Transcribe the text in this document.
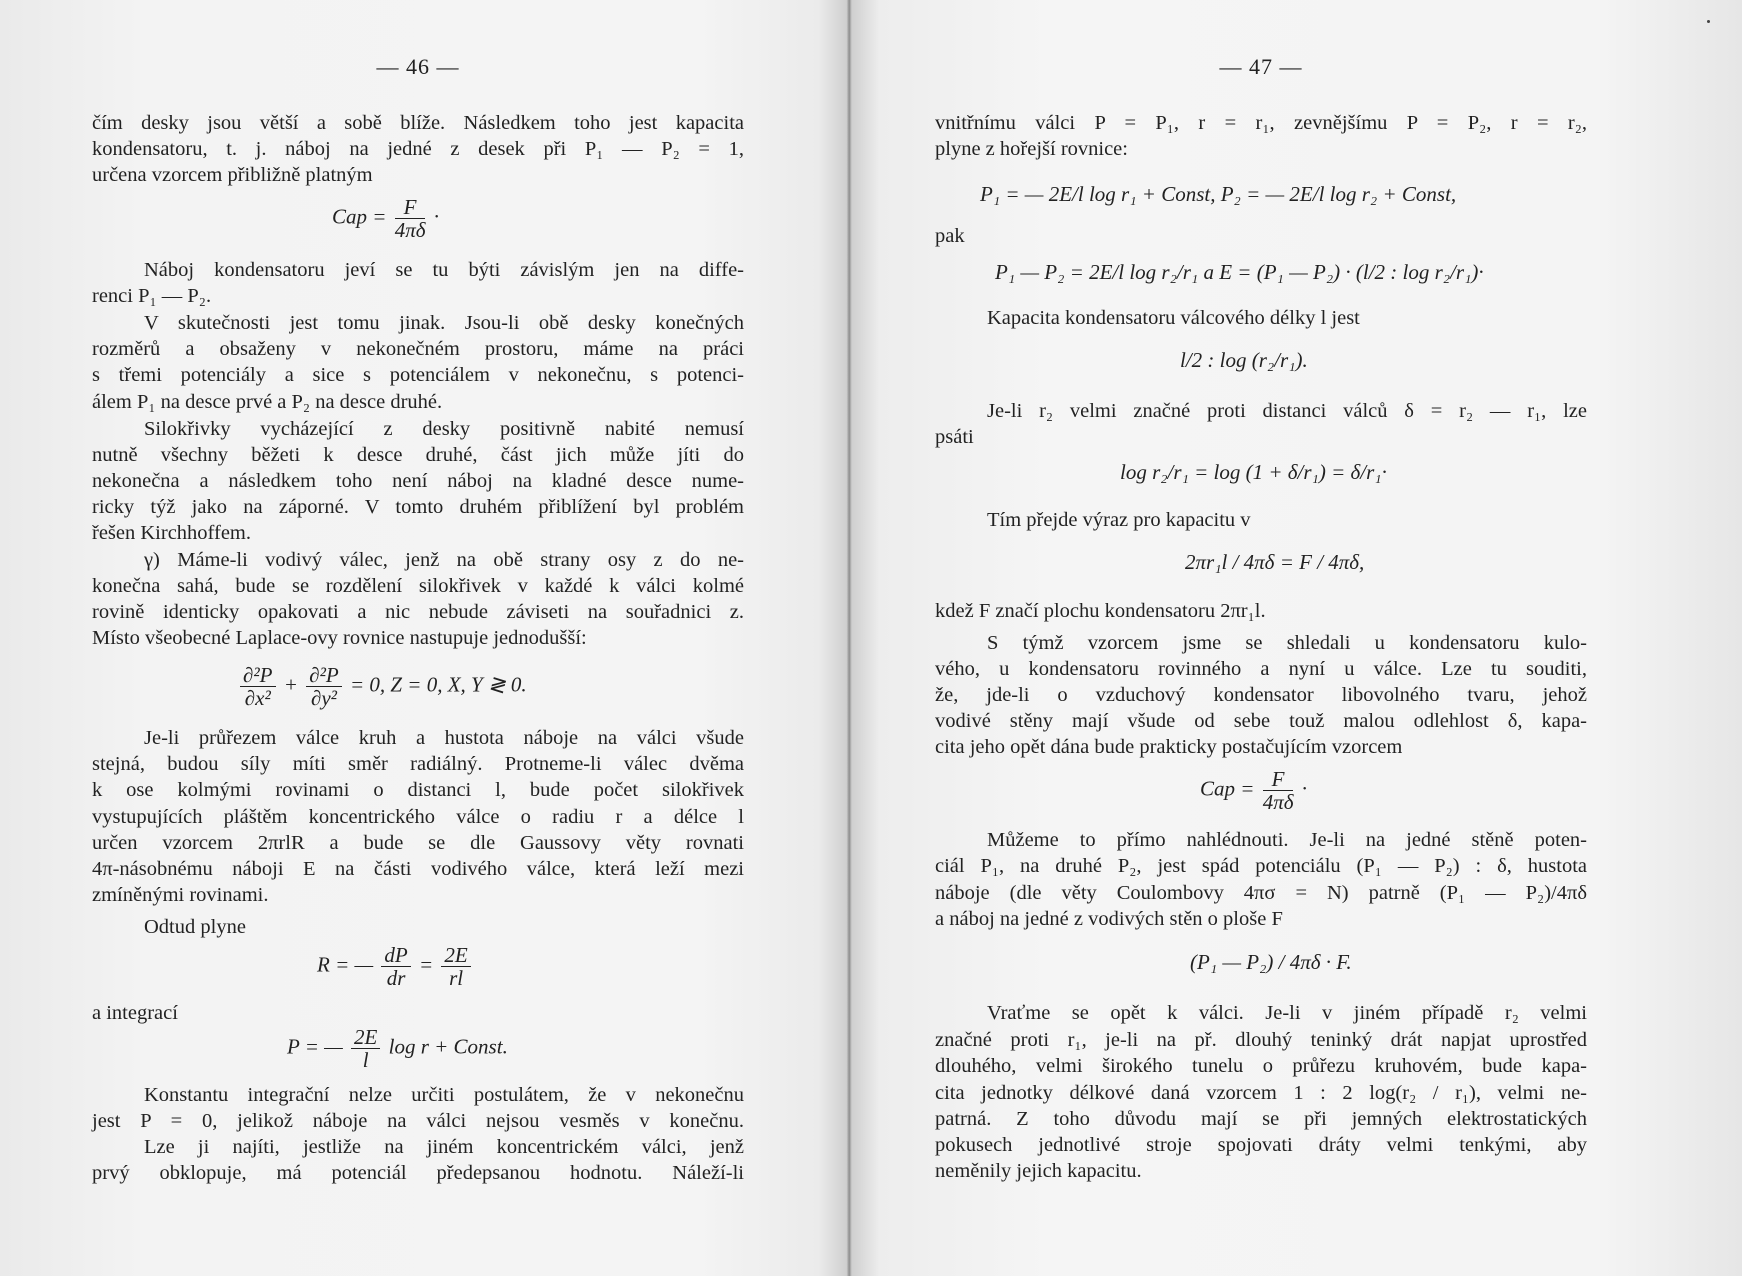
— 46 —
čím desky jsou větší a sobě blíže. Následkem toho jest kapacita
kondensatoru, t. j. náboj na jedné z desek při P₁ — P₂ = 1,
určena vzorcem přibližně platným
Cap = $\frac{F}{4\pi\delta}$ ·
Náboj kondensatoru jeví se tu býti závislým jen na diffe-
renci P₁ — P₂.
V skutečnosti jest tomu jinak. Jsou-li obě desky konečných
rozměrů a obsaženy v nekonečném prostoru, máme na práci
s třemi potenciály a sice s potenciálem v nekonečnu, s potenci-
álem P₁ na desce prvé a P₂ na desce druhé.
Silokřivky vycházející z desky positivně nabité nemusí
nutně všechny běžeti k desce druhé, část jich může jíti do
nekonečna a následkem toho není náboj na kladné desce nume-
ricky týž jako na záporné. V tomto druhém přiblížení byl problém
řešen Kirchhoffem.
γ) Máme-li vodivý válec, jenž na obě strany osy z do ne-
konečna sahá, bude se rozdělení silokřivek v každé k válci kolmé
rovině identicky opakovati a nic nebude záviseti na souřadnici z.
Místo všeobecné Laplace-ovy rovnice nastupuje jednodušší:
$\frac{\text{∂²P}}{\text{∂x²}} + \frac{\text{∂²P}}{\text{∂y²}} = 0$, Z = 0, X, Y ≷ 0.
Je-li průřezem válce kruh a hustota náboje na válci všude
stejná, budou síly míti směr radiálný. Protneme-li válec dvěma
k ose kolmými rovinami o distanci l, bude počet silokřivek
vystupujících pláštěm koncentrického válce o radiu r a délce l
určen vzorcem 2πrlR a bude se dle Gaussovy věty rovnati
4π-násobnému náboji E na části vodivého válce, která leží mezi
zmíněnými rovinami.
Odtud plyne
R = — $\frac{dP}{dr} = \frac{2E}{rl}$
a integrací
P = — $\frac{2E}{l}$ log r + Const.
Konstantu integrační nelze určiti postulátem, že v nekonečnu
jest P = 0, jelikož náboje na válci nejsou vesměs v konečnu.
Lze ji najíti, jestliže na jiném koncentrickém válci, jenž
prvý obklopuje, má potenciál předepsanou hodnotu. Náleží-li
— 47 —
vnitřnímu válci P = P₁, r = r₁, zevnějšímu P = P₂, r = r₂,
plyne z hořejší rovnice:
P₁ = — 2E/l log r₁ + Const, P₂ = — 2E/l log r₂ + Const,
pak
P₁ — P₂ = 2E/l log r₂/r₁ a E = (P₁ — P₂) · (l/2 : log r₂/r₁)·
Kapacita kondensatoru válcového délky l jest
l/2 : log (r₂/r₁).
Je-li r₂ velmi značné proti distanci válců δ = r₂ — r₁, lze
psáti
log r₂/r₁ = log (1 + δ/r₁) = δ/r₁·
Tím přejde výraz pro kapacitu v
2πr₁l / 4πδ = F / 4πδ,
kdež F značí plochu kondensatoru 2πr₁l.
S týmž vzorcem jsme se shledali u kondensatoru kulo-
vého, u kondensatoru rovinného a nyní u válce. Lze tu souditi,
že, jde-li o vzduchový kondensator libovolného tvaru, jehož
vodivé stěny mají všude od sebe touž malou odlehlost δ, kapa-
cita jeho opět dána bude prakticky postačujícím vzorcem
Cap = $\frac{F}{4\pi\delta}$ ·
Můžeme to přímo nahlédnouti. Je-li na jedné stěně poten-
ciál P₁, na druhé P₂, jest spád potenciálu (P₁ — P₂) : δ, hustota
náboje (dle věty Coulombovy 4πσ = N) patrně (P₁ — P₂)/4πδ
a náboj na jedné z vodivých stěn o ploše F
(P₁ — P₂) / 4πδ · F.
Vraťme se opět k válci. Je-li v jiném případě r₂ velmi
značné proti r₁, je-li na př. dlouhý teninký drát napjat uprostřed
dlouhého, velmi širokého tunelu o průřezu kruhovém, bude kapa-
cita jednotky délkové daná vzorcem 1 : 2 log(r₂ / r₁), velmi ne-
patrná. Z toho důvodu mají se při jemných elektrostatických
pokusech jednotlivé stroje spojovati dráty velmi tenkými, aby
neměnily jejich kapacitu.
